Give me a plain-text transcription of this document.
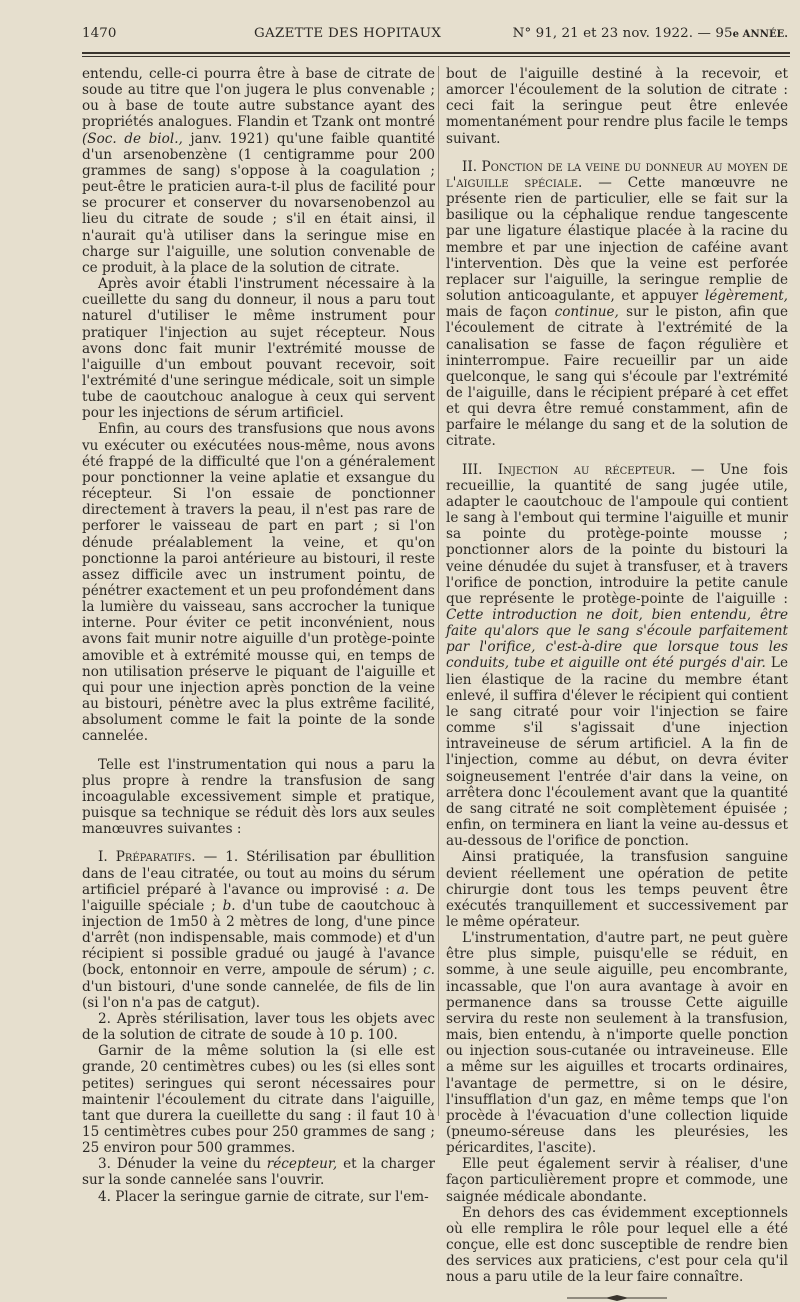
1470	GAZETTE DES HOPITAUX	N° 91, 21 et 23 nov. 1922. — 95e ANNÉE.

entendu, celle-ci pourra être à base de citrate de soude au titre que l'on jugera le plus convenable ; ou à base de toute autre substance ayant des propriétés analogues. Flandin et Tzank ont montré (Soc. de biol., janv. 1921) qu'une faible quantité d'un arsenobenzène (1 centigramme pour 200 grammes de sang) s'oppose à la coagulation ; peut-être le praticien aura-t-il plus de facilité pour se procurer et conserver du novarsenobenzol au lieu du citrate de soude ; s'il en était ainsi, il n'aurait qu'à utiliser dans la seringue mise en charge sur l'aiguille, une solution convenable de ce produit, à la place de la solution de citrate.

Après avoir établi l'instrument nécessaire à la cueillette du sang du donneur, il nous a paru tout naturel d'utiliser le même instrument pour pratiquer l'injection au sujet récepteur. Nous avons donc fait munir l'extrémité mousse de l'aiguille d'un embout pouvant recevoir, soit l'extrémité d'une seringue médicale, soit un simple tube de caoutchouc analogue à ceux qui servent pour les injections de sérum artificiel.

Enfin, au cours des transfusions que nous avons vu exécuter ou exécutées nous-même, nous avons été frappé de la difficulté que l'on a généralement pour ponctionner la veine aplatie et exsangue du récepteur. Si l'on essaie de ponctionner directement à travers la peau, il n'est pas rare de perforer le vaisseau de part en part ; si l'on dénude préalablement la veine, et qu'on ponctionne la paroi antérieure au bistouri, il reste assez difficile avec un instrument pointu, de pénétrer exactement et un peu profondément dans la lumière du vaisseau, sans accrocher la tunique interne. Pour éviter ce petit inconvénient, nous avons fait munir notre aiguille d'un protège-pointe amovible et à extrémité mousse qui, en temps de non utilisation préserve le piquant de l'aiguille et qui pour une injection après ponction de la veine au bistouri, pénètre avec la plus extrême facilité, absolument comme le fait la pointe de la sonde cannelée.

Telle est l'instrumentation qui nous a paru la plus propre à rendre la transfusion de sang incoagulable excessivement simple et pratique, puisque sa technique se réduit dès lors aux seules manœuvres suivantes :

I. Préparatifs. — 1. Stérilisation par ébullition dans de l'eau citratée, ou tout au moins du sérum artificiel préparé à l'avance ou improvisé : a. De l'aiguille spéciale ; b. d'un tube de caoutchouc à injection de 1m50 à 2 mètres de long, d'une pince d'arrêt (non indispensable, mais commode) et d'un récipient si possible gradué ou jaugé à l'avance (bock, entonnoir en verre, ampoule de sérum) ; c. d'un bistouri, d'une sonde cannelée, de fils de lin (si l'on n'a pas de catgut).

2. Après stérilisation, laver tous les objets avec de la solution de citrate de soude à 10 p. 100.

Garnir de la même solution la (si elle est grande, 20 centimètres cubes) ou les (si elles sont petites) seringues qui seront nécessaires pour maintenir l'écoulement du citrate dans l'aiguille, tant que durera la cueillette du sang : il faut 10 à 15 centimètres cubes pour 250 grammes de sang ; 25 environ pour 500 grammes.

3. Dénuder la veine du récepteur, et la charger sur la sonde cannelée sans l'ouvrir.

4. Placer la seringue garnie de citrate, sur l'em-

bout de l'aiguille destiné à la recevoir, et amorcer l'écoulement de la solution de citrate : ceci fait la seringue peut être enlevée momentanément pour rendre plus facile le temps suivant.

II. Ponction de la veine du donneur au moyen de l'aiguille spéciale. — Cette manœuvre ne présente rien de particulier, elle se fait sur la basilique ou la céphalique rendue tangescente par une ligature élastique placée à la racine du membre et par une injection de caféine avant l'intervention. Dès que la veine est perforée replacer sur l'aiguille, la seringue remplie de solution anticoagulante, et appuyer légèrement, mais de façon continue, sur le piston, afin que l'écoulement de citrate à l'extrémité de la canalisation se fasse de façon régulière et ininterrompue. Faire recueillir par un aide quelconque, le sang qui s'écoule par l'extrémité de l'aiguille, dans le récipient préparé à cet effet et qui devra être remué constamment, afin de parfaire le mélange du sang et de la solution de citrate.

III. Injection au récepteur. — Une fois recueillie, la quantité de sang jugée utile, adapter le caoutchouc de l'ampoule qui contient le sang à l'embout qui termine l'aiguille et munir sa pointe du protège-pointe mousse ; ponctionner alors de la pointe du bistouri la veine dénudée du sujet à transfuser, et à travers l'orifice de ponction, introduire la petite canule que représente le protège-pointe de l'aiguille : Cette introduction ne doit, bien entendu, être faite qu'alors que le sang s'écoule parfaitement par l'orifice, c'est-à-dire que lorsque tous les conduits, tube et aiguille ont été purgés d'air. Le lien élastique de la racine du membre étant enlevé, il suffira d'élever le récipient qui contient le sang citraté pour voir l'injection se faire comme s'il s'agissait d'une injection intraveineuse de sérum artificiel. A la fin de l'injection, comme au début, on devra éviter soigneusement l'entrée d'air dans la veine, on arrêtera donc l'écoulement avant que la quantité de sang citraté ne soit complètement épuisée ; enfin, on terminera en liant la veine au-dessus et au-dessous de l'orifice de ponction.

Ainsi pratiquée, la transfusion sanguine devient réellement une opération de petite chirurgie dont tous les temps peuvent être exécutés tranquillement et successivement par le même opérateur.

L'instrumentation, d'autre part, ne peut guère être plus simple, puisqu'elle se réduit, en somme, à une seule aiguille, peu encombrante, incassable, que l'on aura avantage à avoir en permanence dans sa trousse Cette aiguille servira du reste non seulement à la transfusion, mais, bien entendu, à n'importe quelle ponction ou injection sous-cutanée ou intraveineuse. Elle a même sur les aiguilles et trocarts ordinaires, l'avantage de permettre, si on le désire, l'insufflation d'un gaz, en même temps que l'on procède à l'évacuation d'une collection liquide (pneumo-séreuse dans les pleurésies, les péricardites, l'ascite).

Elle peut également servir à réaliser, d'une façon particulièrement propre et commode, une saignée médicale abondante.

En dehors des cas évidemment exceptionnels où elle remplira le rôle pour lequel elle a été conçue, elle est donc susceptible de rendre bien des services aux praticiens, c'est pour cela qu'il nous a paru utile de la leur faire connaître.
